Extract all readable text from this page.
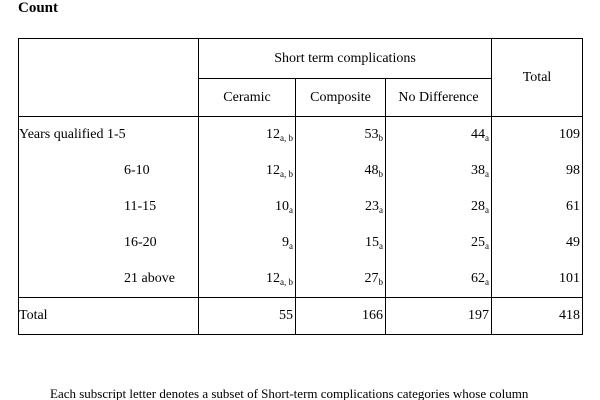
Count
	Short term complications			Total
	Ceramic	Composite	No Difference	
Years qualified 1-5	$12_{a, b}$	$53_b$	$44_a$	109
6-10	$12_{a, b}$	$48_b$	$38_a$	98
11-15	$10_a$	$23_a$	$28_a$	61
16-20	$9_a$	$15_a$	$25_a$	49
21 above	$12_{a, b}$	$27_b$	$62_a$	101
Total	55	166	197	418
Each subscript letter denotes a subset of Short-term complications categories whose column
